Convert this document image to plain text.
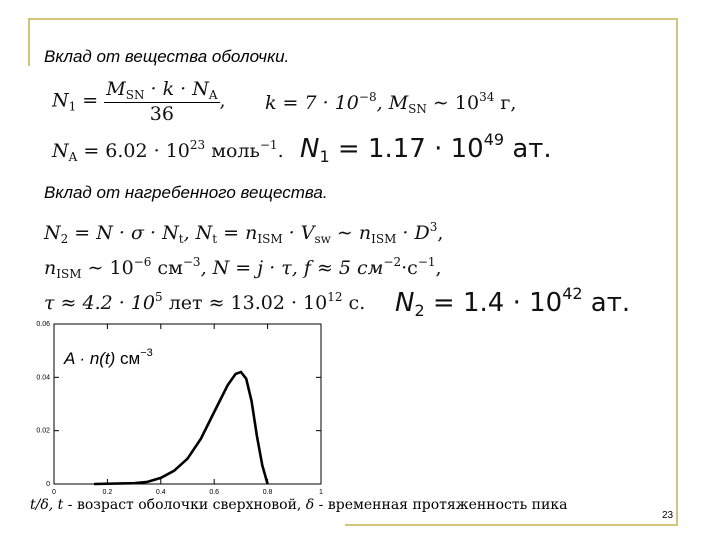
Вклад от вещества оболочки.
$N_1 = \frac{M_{SN} \cdot k \cdot N_A}{36}$ , $k = 7 \cdot 10^{-8}$, $M_{SN}$ ∼ $10^{34}$ г,
$N_A = 6.02 \cdot 10^{23}$ моль$^{-1}$. $N_1 = 1.17 \cdot 10^{49}$ ат.
Вклад от нагребенного вещества.
$N_2 = N \cdot \sigma \cdot N_t$, $N_t = n_{ISM} \cdot V_{sw}$ ∼ $n_{ISM} \cdot D^3$,
$n_{ISM}$ ∼ $10^{-6}$ $см^{-3}$, N = j · τ, f ≈ 5 $см^{-2}\cdot с^{-1}$,
$\tau \approx 4.2 \cdot 10^5$ лет ≈ $13.02 \cdot 10^{12}$ с. $N_2 = 1.4 \cdot 10^{42}$ ат.
0	0.2	0.4	0.6	0.8	1
0
0.02
0.04
0.06
A · n(t) $см^{-3}$
t/δ, t - возраст оболочки сверхновой, δ - временная протяженность пика
23
